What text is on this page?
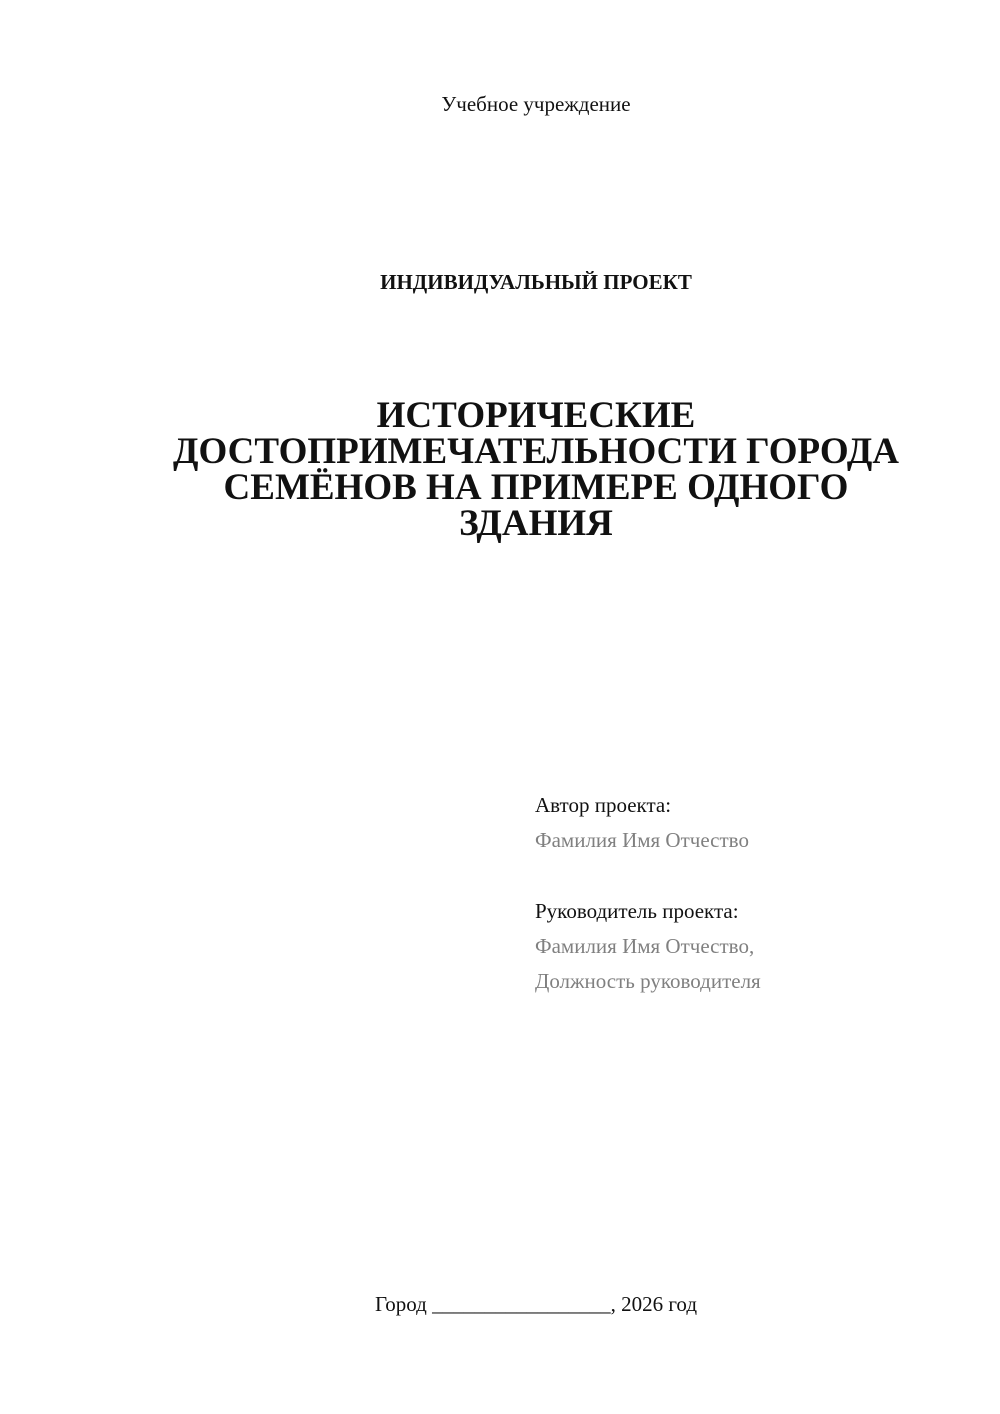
Учебное учреждение
ИНДИВИДУАЛЬНЫЙ ПРОЕКТ
ИСТОРИЧЕСКИЕ
ДОСТОПРИМЕЧАТЕЛЬНОСТИ ГОРОДА
СЕМЁНОВ НА ПРИМЕРЕ ОДНОГО
ЗДАНИЯ
Автор проекта:
Фамилия Имя Отчество
Руководитель проекта:
Фамилия Имя Отчество,
Должность руководителя
Город _________________, 2026 год
